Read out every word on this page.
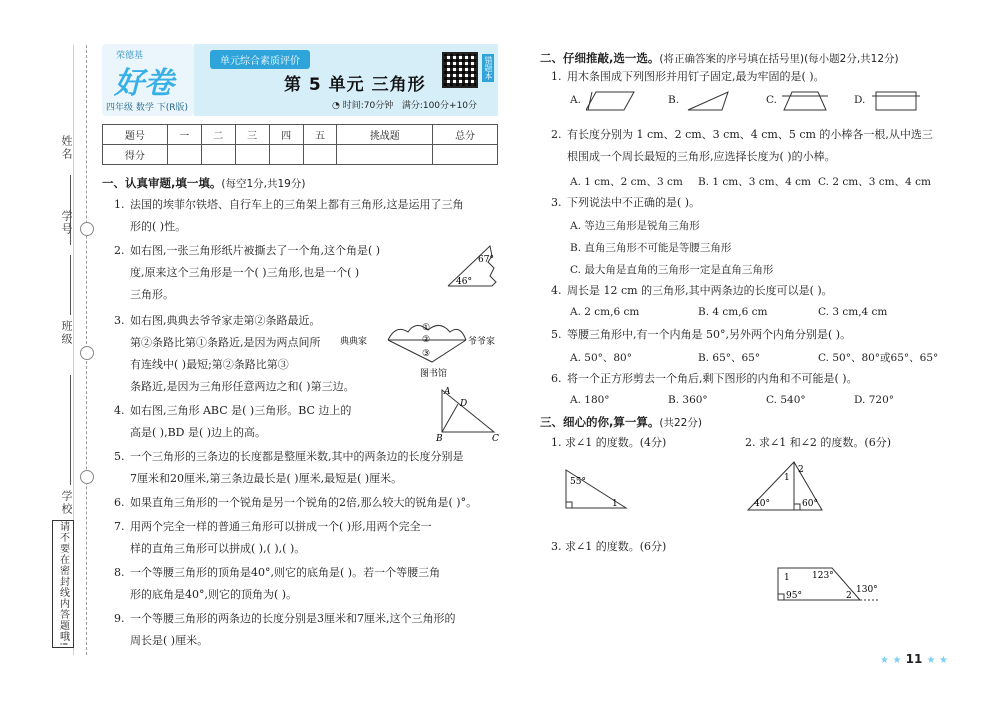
姓名
学号
班级
学校
请不要在密封线内答题哦!
荣德基
好卷
四年级 数学 下(R版)
单元综合素质评价
第 5 单元 三角形
◔ 时间:70分钟 满分:100分+10分
错题本
题号	一	二	三	四	五	挑战题	总分
得分							
一、认真审题,填一填。(每空1分,共19分)
1. 法国的埃菲尔铁塔、自行车上的三角架上都有三角形,这是运用了三角
形的( )性。
2. 如右图,一张三角形纸片被撕去了一个角,这个角是( )
度,原来这个三角形是一个( )三角形,也是一个( )
三角形。
3. 如右图,典典去爷爷家走第②条路最近。
第②条路比第①条路近,是因为两点间所
有连线中( )最短;第②条路比第③
条路近,是因为三角形任意两边之和( )第三边。
4. 如右图,三角形 ABC 是( )三角形。BC 边上的
高是( ),BD 是( )边上的高。
5. 一个三角形的三条边的长度都是整厘米数,其中的两条边的长度分别是
7厘米和20厘米,第三条边最长是( )厘米,最短是( )厘米。
6. 如果直角三角形的一个锐角是另一个锐角的2倍,那么较大的锐角是( )°。
7. 用两个完全一样的普通三角形可以拼成一个( )形,用两个完全一
样的直角三角形可以拼成( ),( ),( )。
8. 一个等腰三角形的顶角是40°,则它的底角是( )。若一个等腰三角
形的底角是40°,则它的顶角为( )。
9. 一个等腰三角形的两条边的长度分别是3厘米和7厘米,这个三角形的
周长是( )厘米。
67°
46°
①
②
③
典典家	爷爷家
图书馆
A
D
B	C
二、仔细推敲,选一选。(将正确答案的序号填在括号里)(每小题2分,共12分)
1. 用木条围成下列图形并用钉子固定,最为牢固的是( )。
A.	B.	C.	D.
2. 有长度分别为 1 cm、2 cm、3 cm、4 cm、5 cm 的小棒各一根,从中选三
根围成一个周长最短的三角形,应选择长度为( )的小棒。
A. 1 cm、2 cm、3 cm B. 1 cm、3 cm、4 cm C. 2 cm、3 cm、4 cm
3. 下列说法中不正确的是( )。
A. 等边三角形是锐角三角形
B. 直角三角形不可能是等腰三角形
C. 最大角是直角的三角形一定是直角三角形
4. 周长是 12 cm 的三角形,其中两条边的长度可以是( )。
A. 2 cm,6 cm	B. 4 cm,6 cm	C. 3 cm,4 cm
5. 等腰三角形中,有一个内角是 50°,另外两个内角分别是( )。
A. 50°、80°	B. 65°、65°	C. 50°、80°或65°、65°
6. 将一个正方形剪去一个角后,剩下图形的内角和不可能是( )。
A. 180°	B. 360°	C. 540°	D. 720°
三、细心的你,算一算。(共22分)
1. 求∠1 的度数。(4分)	2. 求∠1 和∠2 的度数。(6分)
55°
1
1
2
40°	60°
3. 求∠1 的度数。(6分)
1 123°
95°	2
130°
★ ★ 11 ★ ★
